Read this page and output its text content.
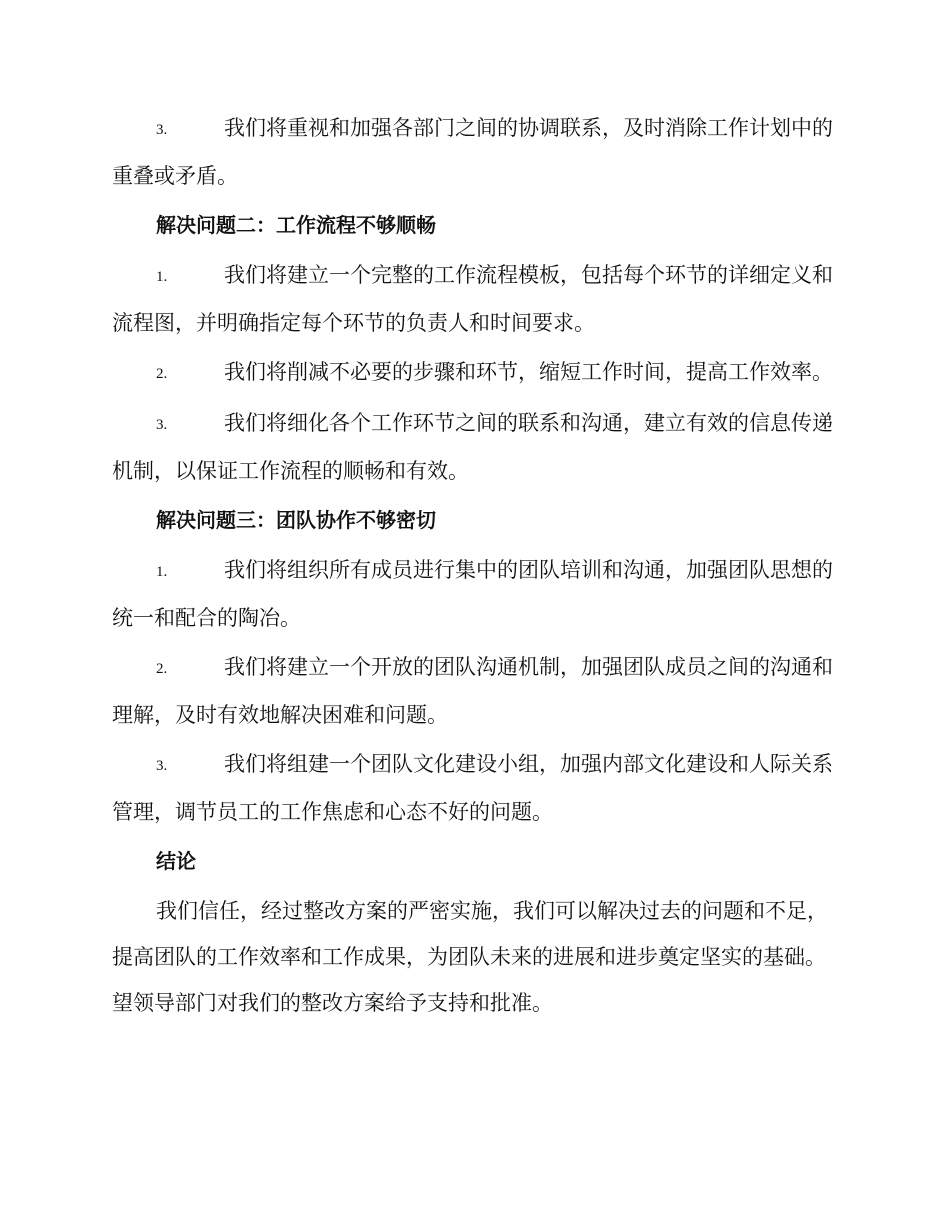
3.	我们将重视和加强各部门之间的协调联系，及时消除工作计划中的重叠或矛盾。

解决问题二：工作流程不够顺畅

1.	我们将建立一个完整的工作流程模板，包括每个环节的详细定义和流程图，并明确指定每个环节的负责人和时间要求。

2.	我们将削减不必要的步骤和环节，缩短工作时间，提高工作效率。

3.	我们将细化各个工作环节之间的联系和沟通，建立有效的信息传递机制，以保证工作流程的顺畅和有效。

解决问题三：团队协作不够密切

1.	我们将组织所有成员进行集中的团队培训和沟通，加强团队思想的统一和配合的陶冶。

2.	我们将建立一个开放的团队沟通机制，加强团队成员之间的沟通和理解，及时有效地解决困难和问题。

3.	我们将组建一个团队文化建设小组，加强内部文化建设和人际关系管理，调节员工的工作焦虑和心态不好的问题。

结论

我们信任，经过整改方案的严密实施，我们可以解决过去的问题和不足，提高团队的工作效率和工作成果，为团队未来的进展和进步奠定坚实的基础。望领导部门对我们的整改方案给予支持和批准。
